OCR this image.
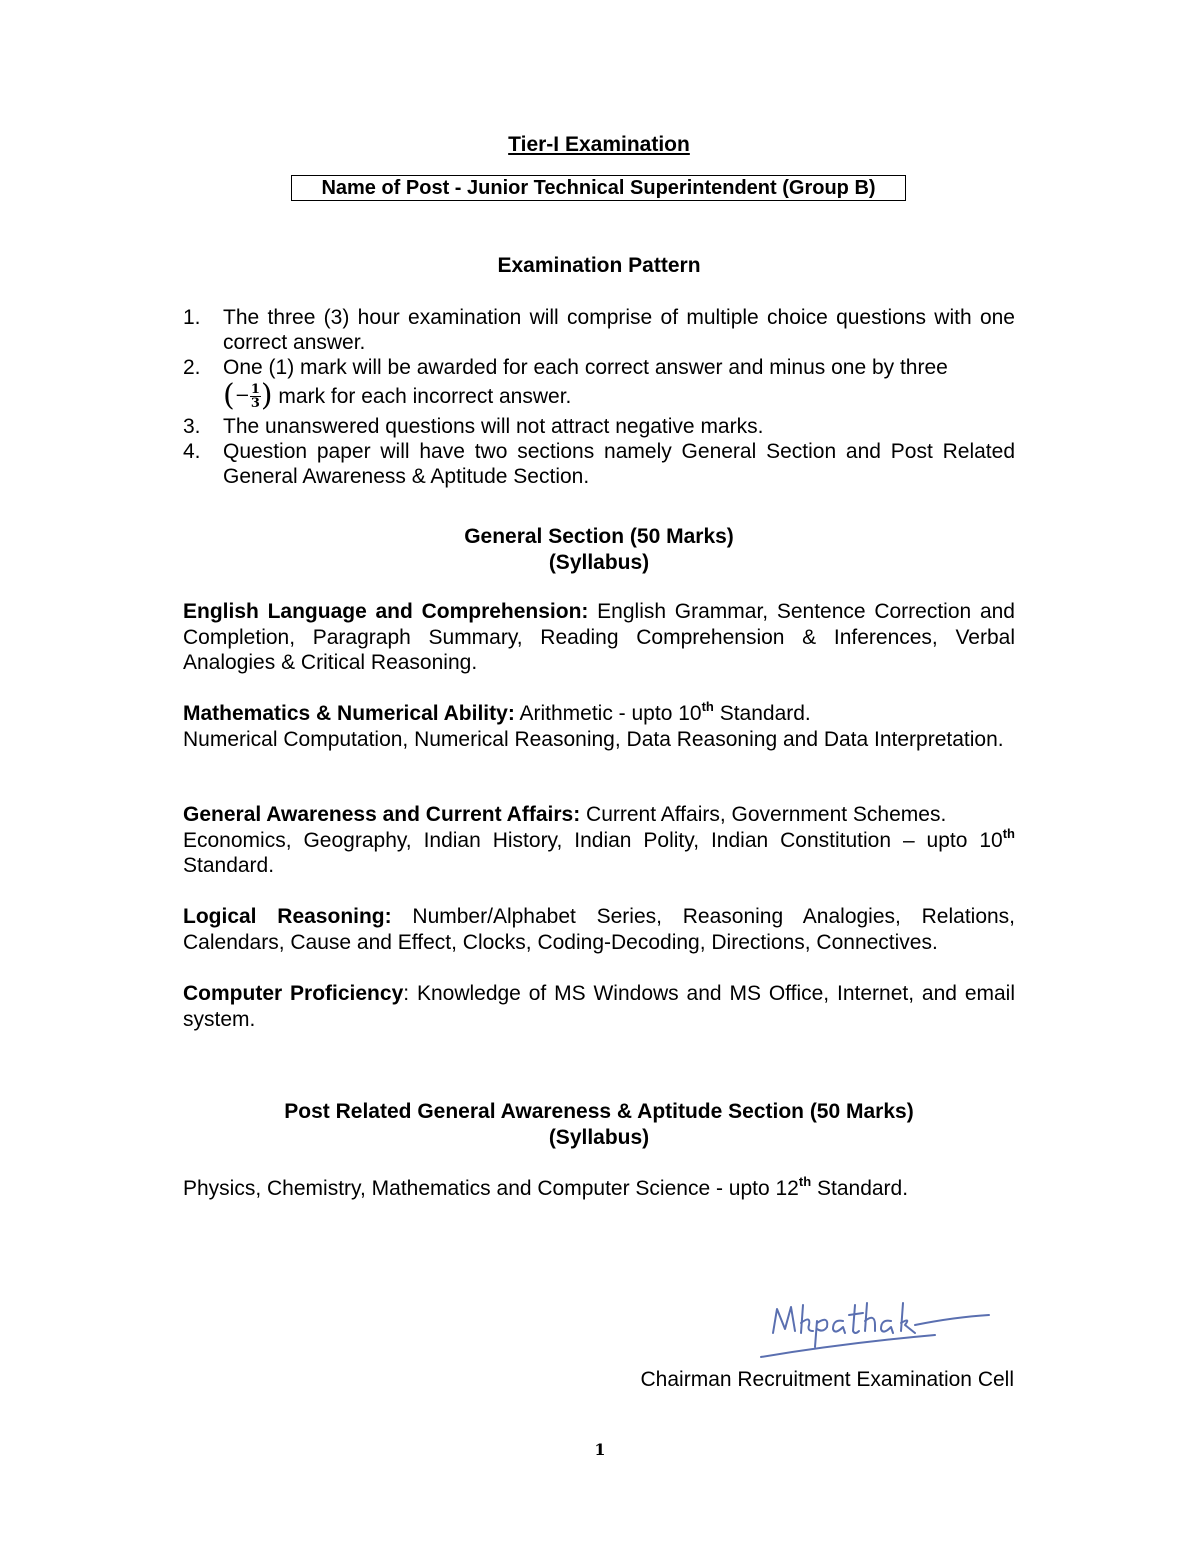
Tier-I Examination
Name of Post - Junior Technical Superintendent (Group B)
Examination Pattern
1. The three (3) hour examination will comprise of multiple choice questions with one correct answer.
2. One (1) mark will be awarded for each correct answer and minus one by three
(− $\frac{1}{3}$ ) mark for each incorrect answer.
3. The unanswered questions will not attract negative marks.
4. Question paper will have two sections namely General Section and Post Related General Awareness & Aptitude Section.
General Section (50 Marks)
(Syllabus)
English Language and Comprehension: English Grammar, Sentence Correction and Completion, Paragraph Summary, Reading Comprehension & Inferences, Verbal Analogies & Critical Reasoning.
Mathematics & Numerical Ability: Arithmetic - upto 10th Standard.
Numerical Computation, Numerical Reasoning, Data Reasoning and Data Interpretation.
General Awareness and Current Affairs: Current Affairs, Government Schemes.
Economics, Geography, Indian History, Indian Polity, Indian Constitution – upto 10th Standard.
Logical Reasoning: Number/Alphabet Series, Reasoning Analogies, Relations, Calendars, Cause and Effect, Clocks, Coding-Decoding, Directions, Connectives.
Computer Proficiency: Knowledge of MS Windows and MS Office, Internet, and email system.
Post Related General Awareness & Aptitude Section (50 Marks)
(Syllabus)
Physics, Chemistry, Mathematics and Computer Science - upto 12th Standard.
Chairman Recruitment Examination Cell
1
